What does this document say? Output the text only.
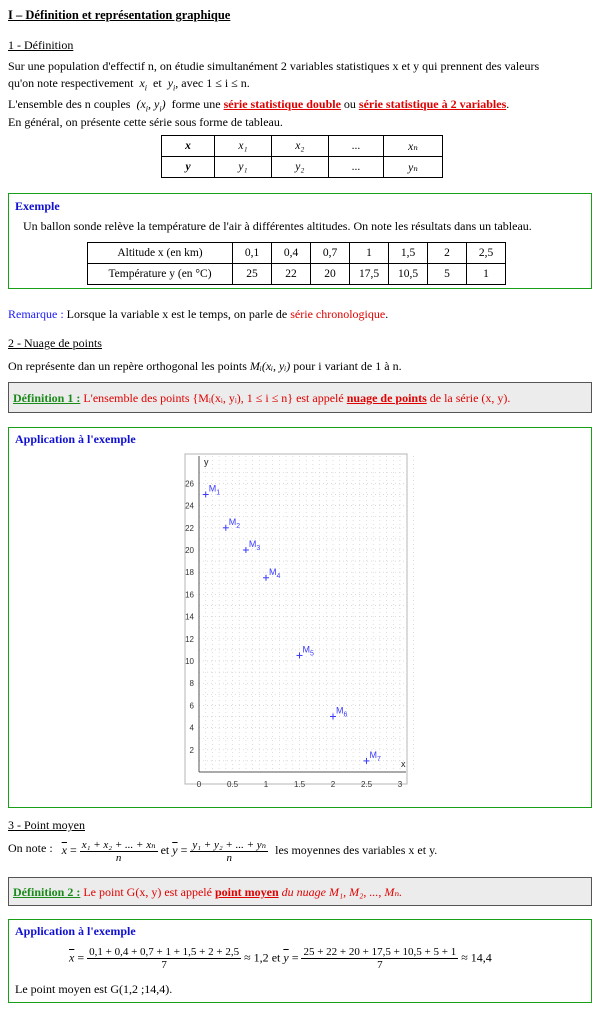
I – Définition et représentation graphique
1 - Définition
Sur une population d'effectif n, on étudie simultanément 2 variables statistiques x et y qui prennent des valeurs
qu'on note respectivement  $x_i$ et  $y_i$, avec 1 ≤ i ≤ n.
L'ensemble des n couples  ($x_i$, $y_i$)  forme une série statistique double ou série statistique à 2 variables.
En général, on présente cette série sous forme de tableau.
x	x₁	x₂	...	xₙ
y	y₁	y₂	...	yₙ
Exemple
Un ballon sonde relève la température de l'air à différentes altitudes. On note les résultats dans un tableau.
Altitude x (en km)	0,1	0,4	0,7	1	1,5	2	2,5
Température y (en °C)	25	22	20	17,5	10,5	5	1
Remarque : Lorsque la variable x est le temps, on parle de série chronologique.
2 - Nuage de points
On représente dan un repère orthogonal les points Mᵢ(xᵢ, yᵢ) pour i variant de 1 à n.
Définition 1 : L'ensemble des points {Mᵢ(xᵢ, yᵢ), 1 ≤ i ≤ n} est appelé nuage de points de la série (x, y).
Application à l'exemple
x
y
0	0.5	1	1.5	2	2.5	3
2
4
6
8
10
12
14
16
18
20
22
24
26 $M_1$
$M_2$
$M_3$
$M_4$
$M_5$
$M_6$
$M_7$
3 - Point moyen
On note : $\overline{x} = \frac{\text{x₁ + x₂ + ... + xₙ}}{n}$ et $\overline{y} = \frac{\text{y₁ + y₂ + ... + yₙ}}{n}$ les moyennes des variables x et y.
Définition 2 : Le point G(x, y) est appelé point moyen du nuage M₁, M₂, ..., Mₙ.
Application à l'exemple
$\overline{x} = \frac{0,1 + 0,4 + 0,7 + 1 + 1,5 + 2 + 2,5}{7} \approx 1,2$ et $\overline{y} = \frac{25 + 22 + 20 + 17,5 + 10,5 + 5 + 1}{7} \approx 14,4$
Le point moyen est G(1,2 ;14,4).
